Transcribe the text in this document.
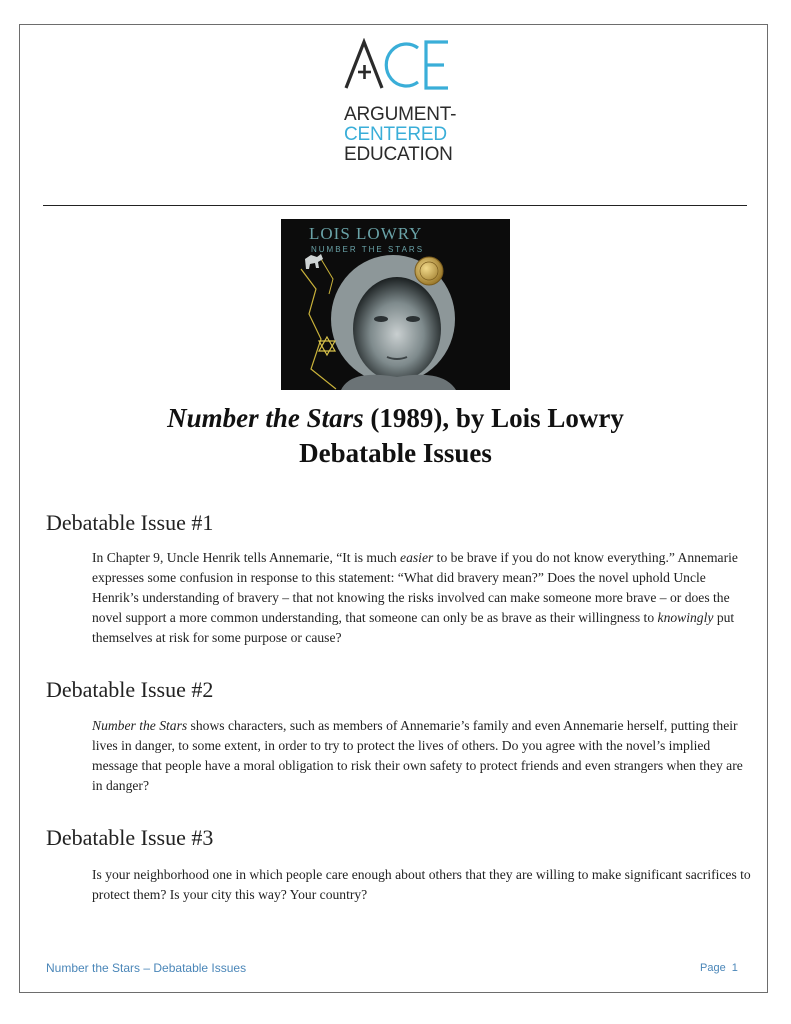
ARGUMENT-
CENTERED
EDUCATION
LOIS LOWRY
NUMBER THE STARS
Number the Stars (1989), by Lois Lowry
Debatable Issues
Debatable Issue #1

In Chapter 9, Uncle Henrik tells Annemarie, “It is much easier to be brave if you do not know everything.” Annemarie expresses some confusion in response to this statement: “What did bravery mean?” Does the novel uphold Uncle Henrik’s understanding of bravery – that not knowing the risks involved can make someone more brave – or does the novel support a more common understanding, that someone can only be as brave as their willingness to knowingly put themselves at risk for some purpose or cause?

Debatable Issue #2

Number the Stars shows characters, such as members of Annemarie’s family and even Annemarie herself, putting their lives in danger, to some extent, in order to try to protect the lives of others. Do you agree with the novel’s implied message that people have a moral obligation to risk their own safety to protect friends and even strangers when they are in danger?

Debatable Issue #3

Is your neighborhood one in which people care enough about others that they are willing to make significant sacrifices to protect them? Is your city this way? Your country?

Number the Stars – Debatable Issues	Page 1
